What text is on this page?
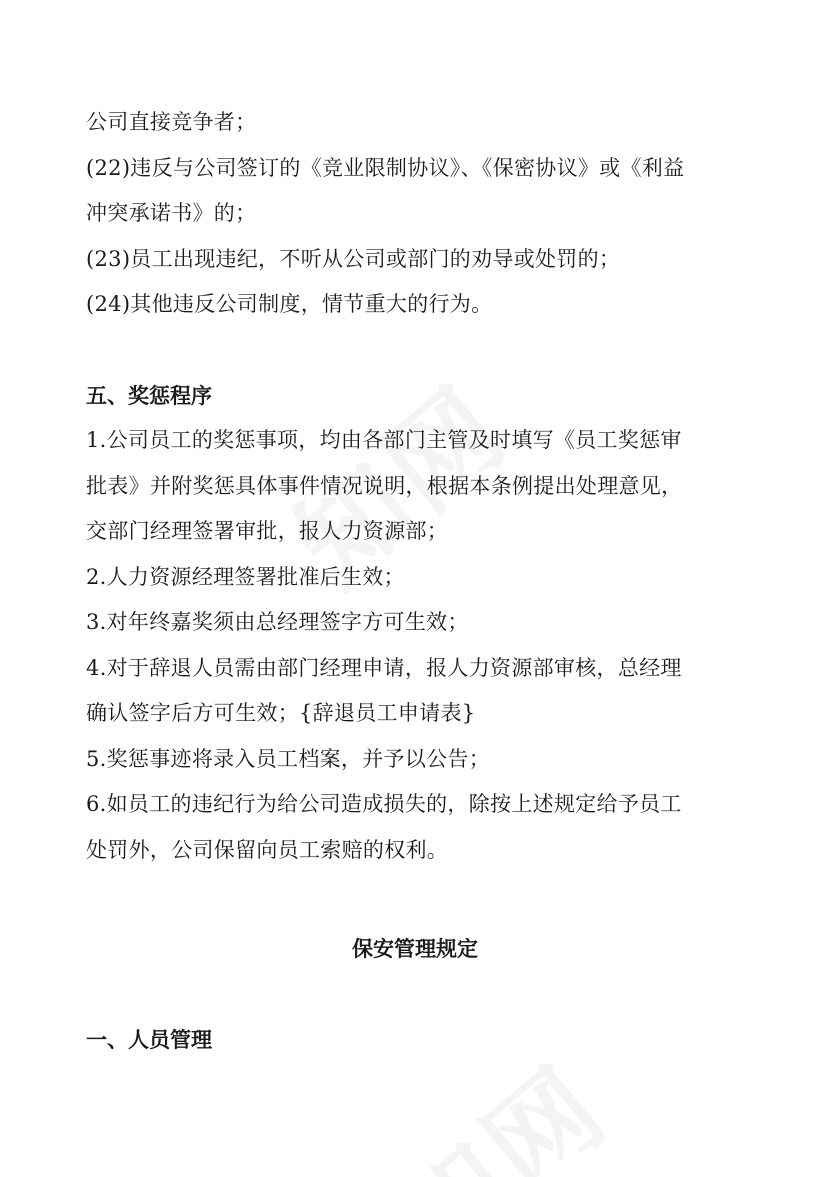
公司直接竞争者；
(22)违反与公司签订的《竞业限制协议》、《保密协议》或《利益
冲突承诺书》的；
(23)员工出现违纪，不听从公司或部门的劝导或处罚的；
(24)其他违反公司制度，情节重大的行为。
五、奖惩程序
1.公司员工的奖惩事项，均由各部门主管及时填写《员工奖惩审
批表》并附奖惩具体事件情况说明，根据本条例提出处理意见，
交部门经理签署审批，报人力资源部；
2.人力资源经理签署批准后生效；
3.对年终嘉奖须由总经理签字方可生效；
4.对于辞退人员需由部门经理申请，报人力资源部审核，总经理
确认签字后方可生效；{辞退员工申请表}
5.奖惩事迹将录入员工档案，并予以公告；
6.如员工的违纪行为给公司造成损失的，除按上述规定给予员工
处罚外，公司保留向员工索赔的权利。
保安管理规定
一、人员管理
